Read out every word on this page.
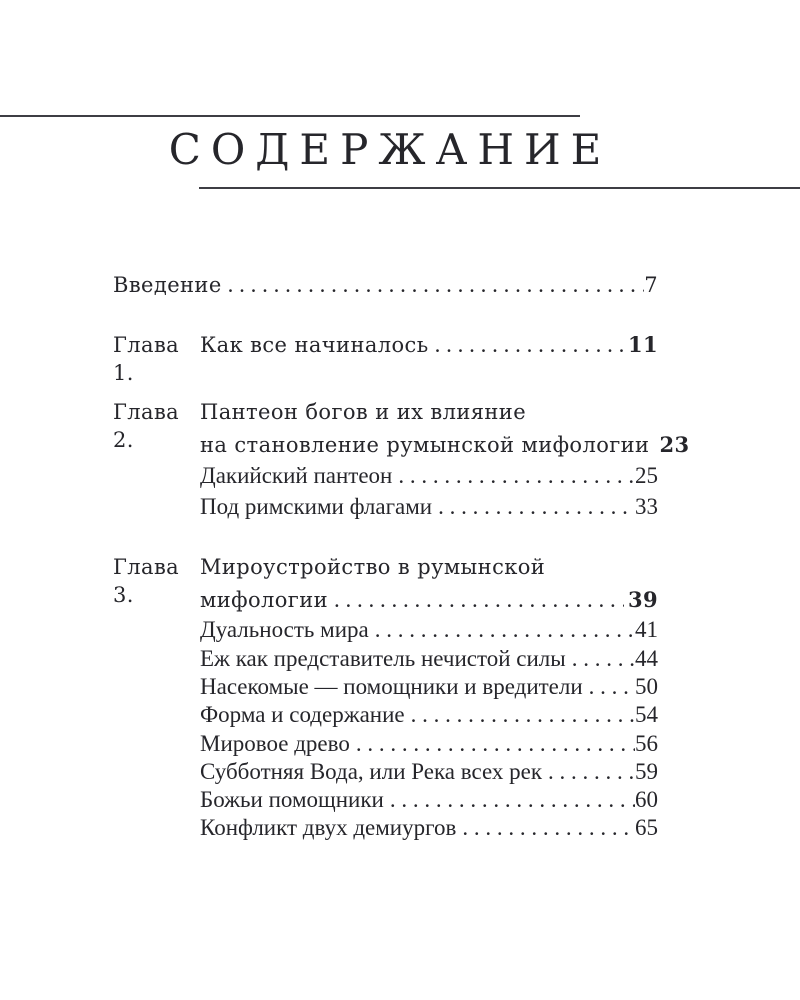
СОДЕРЖАНИЕ
Введение . . .	7
Глава 1.
Как все начиналось . . .	11
Глава 2.
Пантеон богов и их влияние
на становление румынской мифологии 23
Дакийский пантеон . . .	25
Под римскими флагами . . .	33
Глава 3.
Мироустройство в румынской
мифологии . . .	39
Дуальность мира . . .	41
Еж как представитель нечистой силы . . .	44
Насекомые — помощники и вредители . . . 50
Форма и содержание . . .	54
Мировое древо . . .	56
Субботняя Вода, или Река всех рек . . .	59
Божьи помощники . . .	60
Конфликт двух демиургов . . .	65
